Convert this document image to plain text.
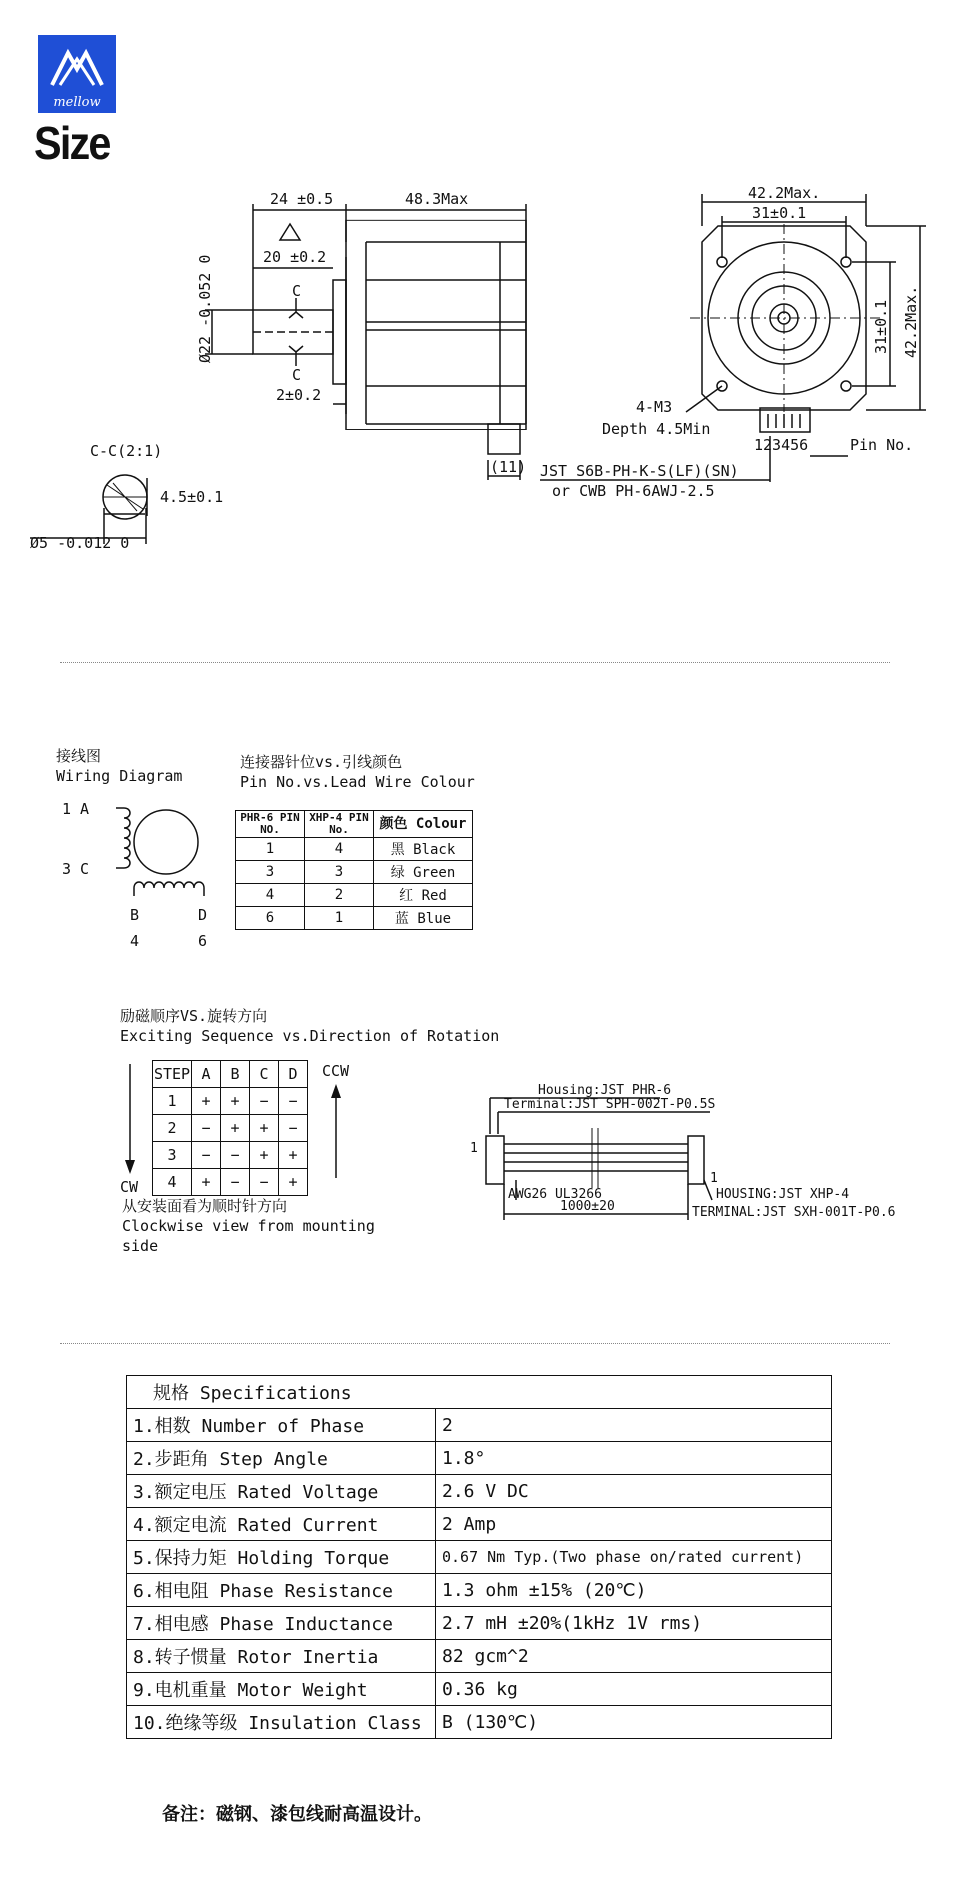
mellow
Size
24 ±0.5	48.3Max
20 ±0.2
Ø22 -0.052 0	C
C
2±0.2
(11)
C-C(2:1)
4.5±0.1
Ø5 -0.012 0
42.2Max.
31±0.1
31±0.1 42.2Max.
4-M3
Depth 4.5Min
123456	Pin No.
JST S6B-PH-K-S(LF)(SN)
or CWB PH-6AWJ-2.5
接线图
Wiring Diagram
1 A
3 C
B	D
4	6
连接器针位vs.引线颜色
Pin No.vs.Lead Wire Colour
PHR-6 PIN NO.	XHP-4 PIN No.	颜色 Colour
1	4	黑 Black
3	3	绿 Green
4	2	红 Red
6	1	蓝 Blue
励磁顺序VS.旋转方向
Exciting Sequence vs.Direction of Rotation
CW
STEP	A	B	C	D
1	+	+	−	−
2	−	+	+	−
3	−	−	+	+
4	+	−	−	+
CCW
从安装面看为顺时针方向
Clockwise view from mounting
side
Housing:JST PHR-6
Terminal:JST SPH-002T-P0.5S
AWG26 UL3266
1000±20
HOUSING:JST XHP-4
TERMINAL:JST SXH-001T-P0.6
1
1
规格 Specifications	
1.相数 Number of Phase	2
2.步距角 Step Angle	1.8°
3.额定电压 Rated Voltage	2.6 V DC
4.额定电流 Rated Current	2 Amp
5.保持力矩 Holding Torque	0.67 Nm Typ.(Two phase on/rated current)
6.相电阻 Phase Resistance	1.3 ohm ±15% (20℃)
7.相电感 Phase Inductance	2.7 mH ±20%(1kHz 1V rms)
8.转子惯量 Rotor Inertia	82 gcm^2
9.电机重量 Motor Weight	0.36 kg
10.绝缘等级 Insulation Class	B (130℃)
备注：磁钢、漆包线耐高温设计。
